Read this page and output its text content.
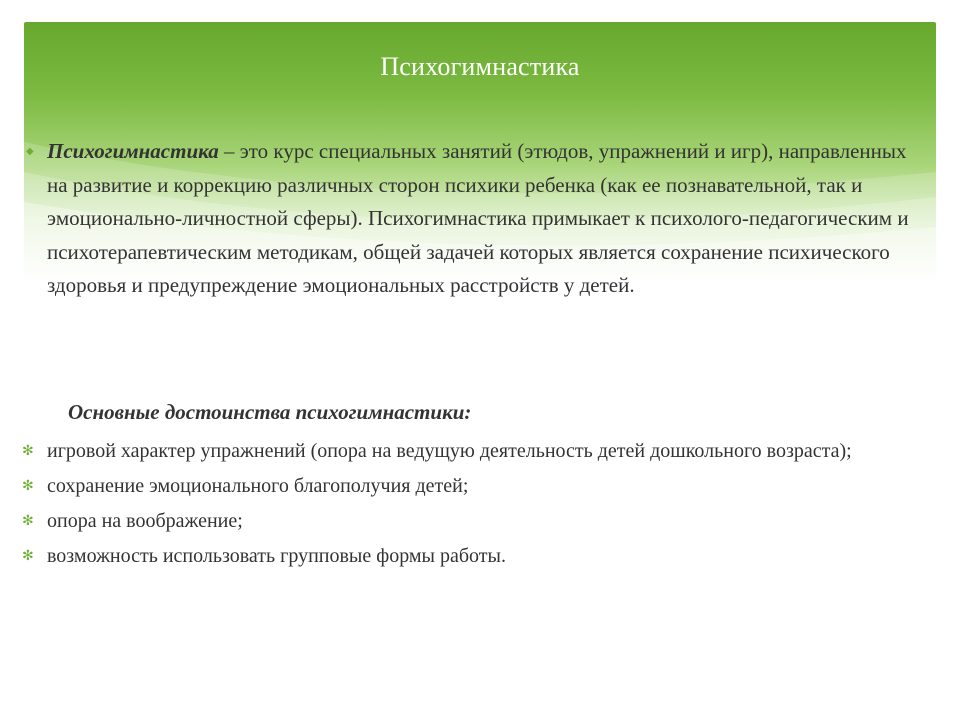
Психогимнастика
◆ Психогимнастика – это курс специальных занятий (этюдов, упражнений и игр), направленных на развитие и коррекцию различных сторон психики ребенка (как ее познавательной, так и эмоционально-личностной сферы). Психогимнастика примыкает к психолого-педагогическим и психотерапевтическим методикам, общей задачей которых является сохранение психического здоровья и предупреждение эмоциональных расстройств у детей.

Основные достоинства психогимнастики:

✻ игровой характер упражнений (опора на ведущую деятельность детей дошкольного возраста);
✻ сохранение эмоционального благополучия детей;
✻ опора на воображение;
✻ возможность использовать групповые формы работы.
